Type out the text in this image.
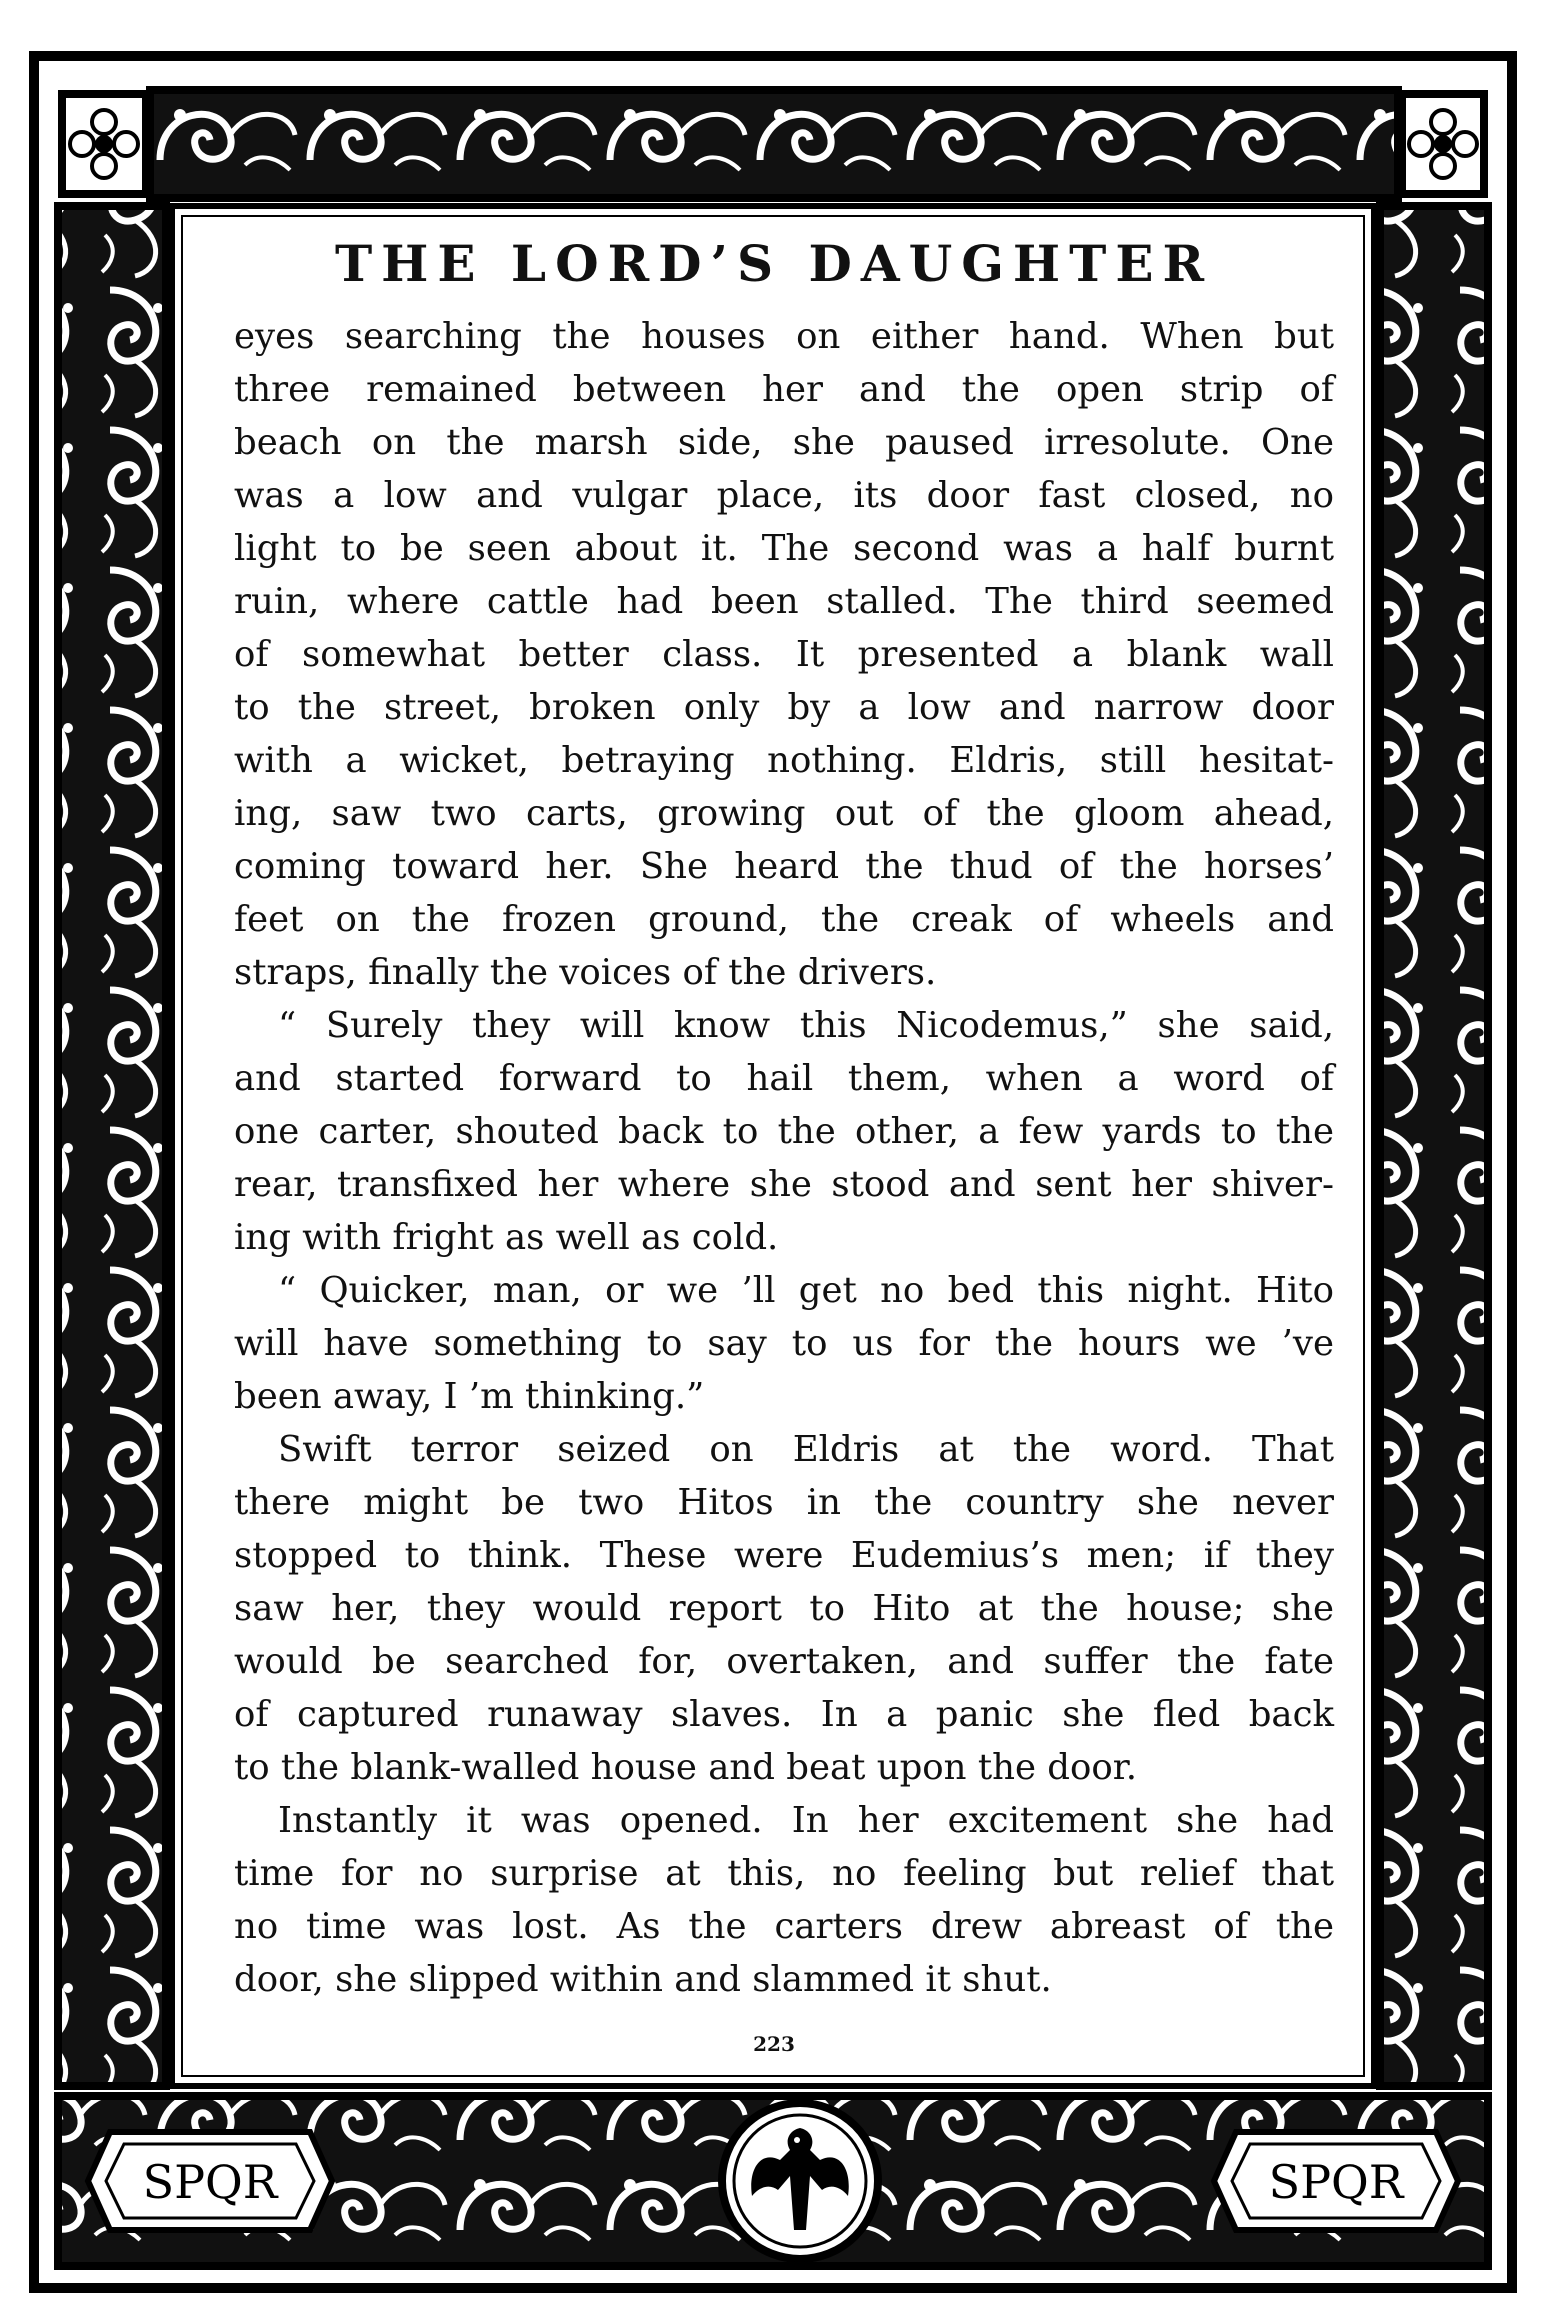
SPQR	SPQR
THE LORD’S DAUGHTER
eyes searching the houses on either hand. When but
three remained between her and the open strip of
beach on the marsh side, she paused irresolute. One
was a low and vulgar place, its door fast closed, no
light to be seen about it. The second was a half burnt
ruin, where cattle had been stalled. The third seemed
of somewhat better class. It presented a blank wall
to the street, broken only by a low and narrow door
with a wicket, betraying nothing. Eldris, still hesitat-
ing, saw two carts, growing out of the gloom ahead,
coming toward her. She heard the thud of the horses’
feet on the frozen ground, the creak of wheels and
straps, finally the voices of the drivers.
“ Surely they will know this Nicodemus,” she said,
and started forward to hail them, when a word of
one carter, shouted back to the other, a few yards to the
rear, transfixed her where she stood and sent her shiver-
ing with fright as well as cold.
“ Quicker, man, or we ’ll get no bed this night. Hito
will have something to say to us for the hours we ’ve
been away, I ’m thinking.”
Swift terror seized on Eldris at the word. That
there might be two Hitos in the country she never
stopped to think. These were Eudemius’s men; if they
saw her, they would report to Hito at the house; she
would be searched for, overtaken, and suffer the fate
of captured runaway slaves. In a panic she fled back
to the blank-walled house and beat upon the door.
Instantly it was opened. In her excitement she had
time for no surprise at this, no feeling but relief that
no time was lost. As the carters drew abreast of the
door, she slipped within and slammed it shut.
223
